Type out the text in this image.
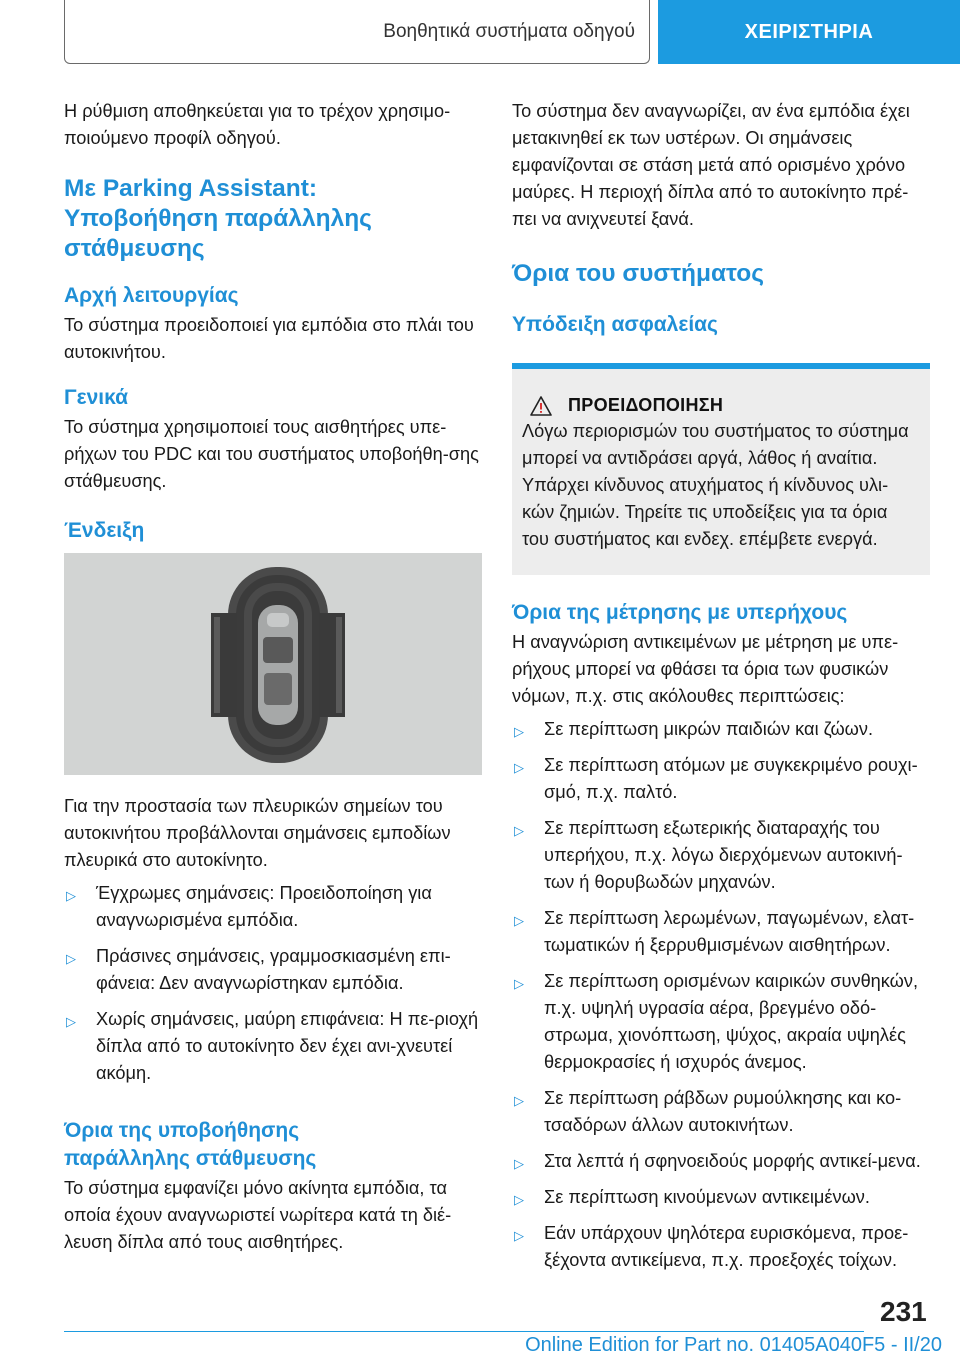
Βοηθητικά συστήματα οδηγού	ΧΕΙΡΙΣΤΗΡΙΑ
Η ρύθμιση αποθηκεύεται για το τρέχον χρησιμο-ποιούμενο προφίλ οδηγού.
Με Parking Assistant:
Υποβοήθηση παράλληλης
στάθμευσης
Αρχή λειτουργίας
Το σύστημα προειδοποιεί για εμπόδια στο πλάι του αυτοκινήτου.
Γενικά
Το σύστημα χρησιμοποιεί τους αισθητήρες υπε-ρήχων του PDC και του συστήματος υποβοήθη-σης στάθμευσης.
Ένδειξη
Για την προστασία των πλευρικών σημείων του αυτοκινήτου προβάλλονται σημάνσεις εμποδίων πλευρικά στο αυτοκίνητο.
▷ Έγχρωμες σημάνσεις: Προειδοποίηση για αναγνωρισμένα εμπόδια.
▷ Πράσινες σημάνσεις, γραμμοσκιασμένη επι-φάνεια: Δεν αναγνωρίστηκαν εμπόδια.
▷ Χωρίς σημάνσεις, μαύρη επιφάνεια: Η πε-ριοχή δίπλα από το αυτοκίνητο δεν έχει ανι-χνευτεί ακόμη.
Όρια της υποβοήθησης
παράλληλης στάθμευσης
Το σύστημα εμφανίζει μόνο ακίνητα εμπόδια, τα οποία έχουν αναγνωριστεί νωρίτερα κατά τη διέ-λευση δίπλα από τους αισθητήρες.
Το σύστημα δεν αναγνωρίζει, αν ένα εμπόδια έχει μετακινηθεί εκ των υστέρων. Οι σημάνσεις εμφανίζονται σε στάση μετά από ορισμένο χρόνο μαύρες. Η περιοχή δίπλα από το αυτοκίνητο πρέ-πει να ανιχνευτεί ξανά.
Όρια του συστήματος
Υπόδειξη ασφαλείας
ΠΡΟΕΙΔΟΠΟΙΗΣΗ
Λόγω περιορισμών του συστήματος το σύστημα μπορεί να αντιδράσει αργά, λάθος ή αναίτια. Υπάρχει κίνδυνος ατυχήματος ή κίνδυνος υλι-κών ζημιών. Τηρείτε τις υποδείξεις για τα όρια του συστήματος και ενδεχ. επέμβετε ενεργά.
Όρια της μέτρησης με υπερήχους
Η αναγνώριση αντικειμένων με μέτρηση με υπε-ρήχους μπορεί να φθάσει τα όρια των φυσικών νόμων, π.χ. στις ακόλουθες περιπτώσεις:
▷ Σε περίπτωση μικρών παιδιών και ζώων.
▷ Σε περίπτωση ατόμων με συγκεκριμένο ρουχι-σμό, π.χ. παλτό.
▷ Σε περίπτωση εξωτερικής διαταραχής του υπερήχου, π.χ. λόγω διερχόμενων αυτοκινή-των ή θορυβωδών μηχανών.
▷ Σε περίπτωση λερωμένων, παγωμένων, ελατ-τωματικών ή ξερρυθμισμένων αισθητήρων.
▷ Σε περίπτωση ορισμένων καιρικών συνθηκών, π.χ. υψηλή υγρασία αέρα, βρεγμένο οδό-στρωμα, χιονόπτωση, ψύχος, ακραία υψηλές θερμοκρασίες ή ισχυρός άνεμος.
▷ Σε περίπτωση ράβδων ρυμούλκησης και κο-τσαδόρων άλλων αυτοκινήτων.
▷ Στα λεπτά ή σφηνοειδούς μορφής αντικεί-μενα.
▷ Σε περίπτωση κινούμενων αντικειμένων.
▷ Εάν υπάρχουν ψηλότερα ευρισκόμενα, προε-ξέχοντα αντικείμενα, π.χ. προεξοχές τοίχων.
231
Online Edition for Part no. 01405A040F5 - II/20
